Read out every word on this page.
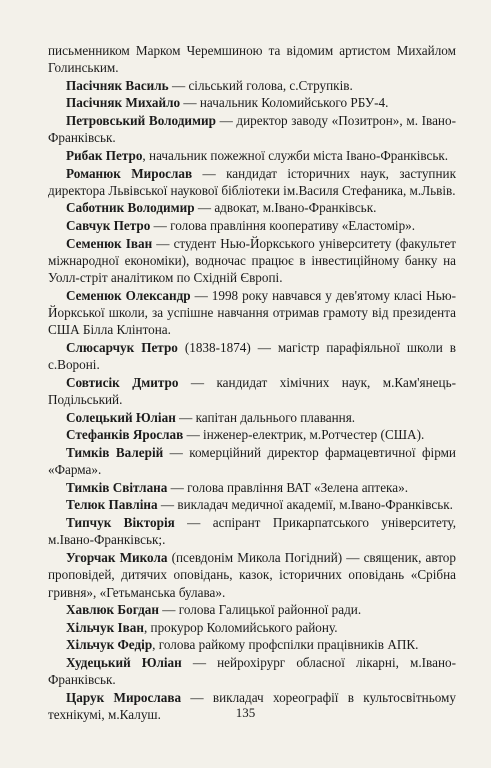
письменником Марком Черемшиною та відомим артистом Михайлом Голинським.

Пасічняк Василь — сільський голова, с.Струпків.

Пасічняк Михайло — начальник Коломийського РБУ-4.

Петровський Володимир — директор заводу «Позитрон», м. Івано-Франківськ.

Рибак Петро, начальник пожежної служби міста Івано-Франківськ.

Романюк Мирослав — кандидат історичних наук, заступник директора Львівської наукової бібліотеки ім.Василя Стефаника, м.Львів.

Саботник Володимир — адвокат, м.Івано-Франківськ.

Савчук Петро — голова правління кооперативу «Еластомір».

Семенюк Іван — студент Нью-Йоркського університету (факультет міжнародної економіки), водночас працює в інвестиційному банку на Уолл-стріт аналітиком по Східній Європі.

Семенюк Олександр — 1998 року навчався у дев'ятому класі Нью-Йоркської школи, за успішне навчання отримав грамоту від президента США Білла Клінтона.

Слюсарчук Петро (1838-1874) — магістр парафіяльної школи в с.Вороні.

Совтисік Дмитро — кандидат хімічних наук, м.Кам'янець-Подільський.

Солецький Юліан — капітан дальнього плавання.

Стефанків Ярослав — інженер-електрик, м.Ротчестер (США).

Тимків Валерій — комерційний директор фармацевтичної фірми «Фарма».

Тимків Світлана — голова правління ВАТ «Зелена аптека».

Телюк Павліна — викладач медичної академії, м.Івано-Франківськ.

Типчук Вікторія — аспірант Прикарпатського університету, м.Івано-Франківськ;.

Угорчак Микола (псевдонім Микола Погідний) — священик, автор проповідей, дитячих оповідань, казок, історичних оповідань «Срібна гривня», «Гетьманська булава».

Хавлюк Богдан — голова Галицької районної ради.

Хільчук Іван, прокурор Коломийського району.

Хільчук Федір, голова райкому профспілки працівників АПК.

Худецький Юліан — нейрохірург обласної лікарні, м.Івано-Франківськ.

Царук Мирослава — викладач хореографії в культосвітньому технікумі, м.Калуш.	135
